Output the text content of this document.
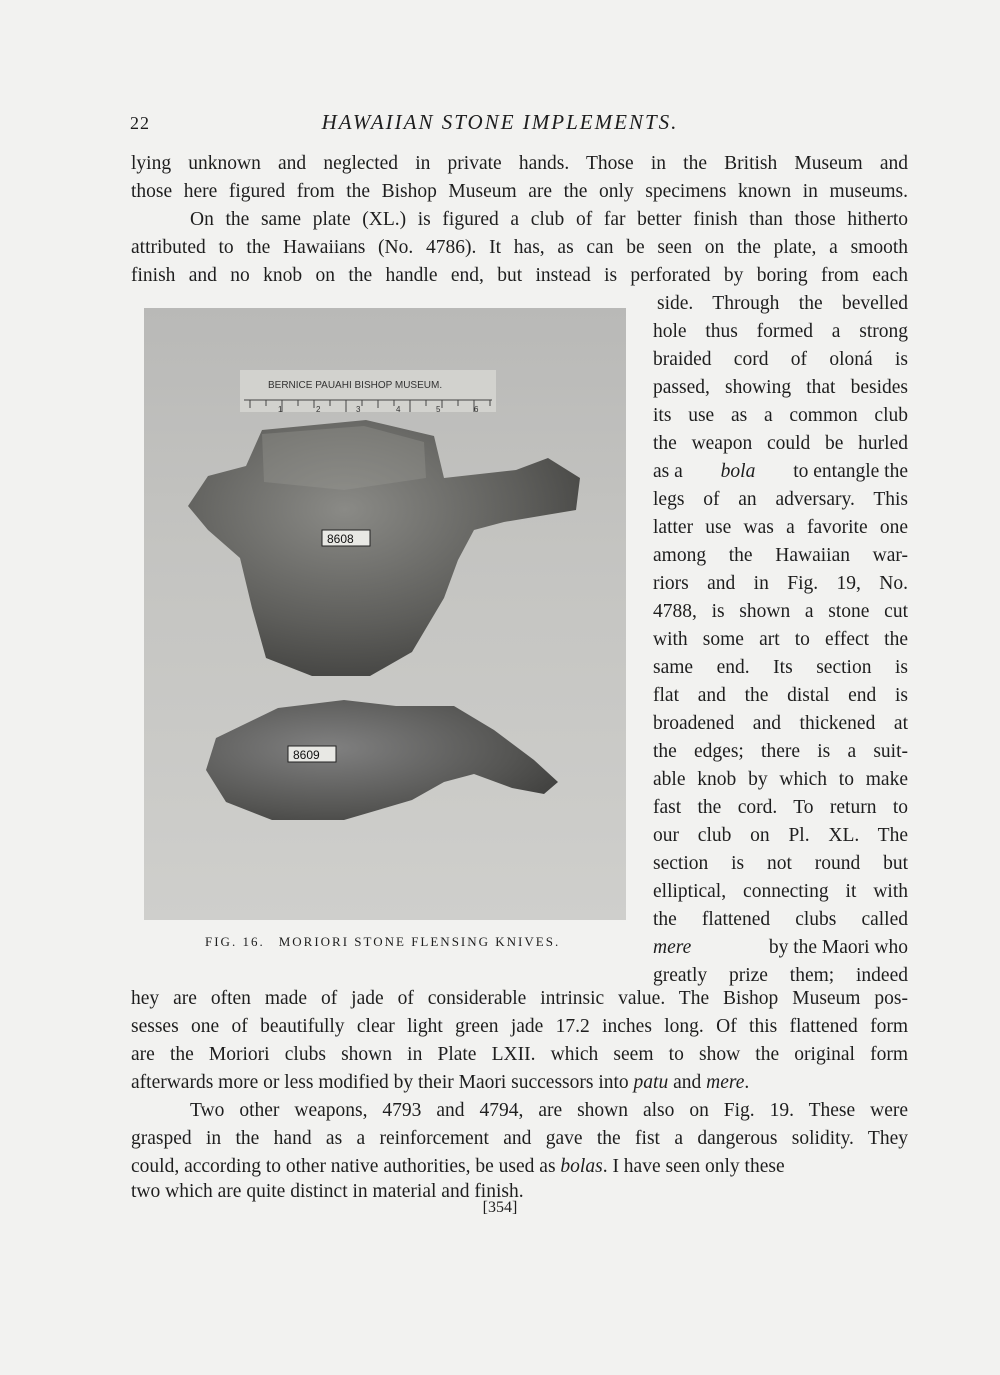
22	HAWAIIAN STONE IMPLEMENTS.
lying unknown and neglected in private hands. Those in the British Museum and
those here figured from the Bishop Museum are the only specimens known in museums.
On the same plate (XL.) is figured a club of far better finish than those hitherto
attributed to the Hawaiians (No. 4786). It has, as can be seen on the plate, a smooth
finish and no knob on the handle end, but instead is perforated by boring from each
side. Through the bevelled
hole thus formed a strong
braided cord of oloná is
passed, showing that besides
its use as a common club
the weapon could be hurled
as a bola to entangle the
legs of an adversary. This
latter use was a favorite one
among the Hawaiian war-
riors and in Fig. 19, No.
4788, is shown a stone cut
with some art to effect the
same end. Its section is
flat and the distal end is
broadened and thickened at
the edges; there is a suit-
able knob by which to make
fast the cord. To return to
our club on Pl. XL. The
section is not round but
elliptical, connecting it with
the flattened clubs called
mere	by the Maori who
greatly prize them; indeed
hey are often made of jade of considerable intrinsic value. The Bishop Museum pos-
sesses one of beautifully clear light green jade 17.2 inches long. Of this flattened form
are the Moriori clubs shown in Plate LXII. which seem to show the original form
afterwards more or less modified by their Maori successors into patu and mere.
Two other weapons, 4793 and 4794, are shown also on Fig. 19. These were
grasped in the hand as a reinforcement and gave the fist a dangerous solidity. They
could, according to other native authorities, be used as bolas. I have seen only these
two which are quite distinct in material and finish.
BERNICE PAUAHI BISHOP MUSEUM.
1	2	3	4	5	6
8608
8609
FIG. 16. MORIORI STONE FLENSING KNIVES.
[354]
